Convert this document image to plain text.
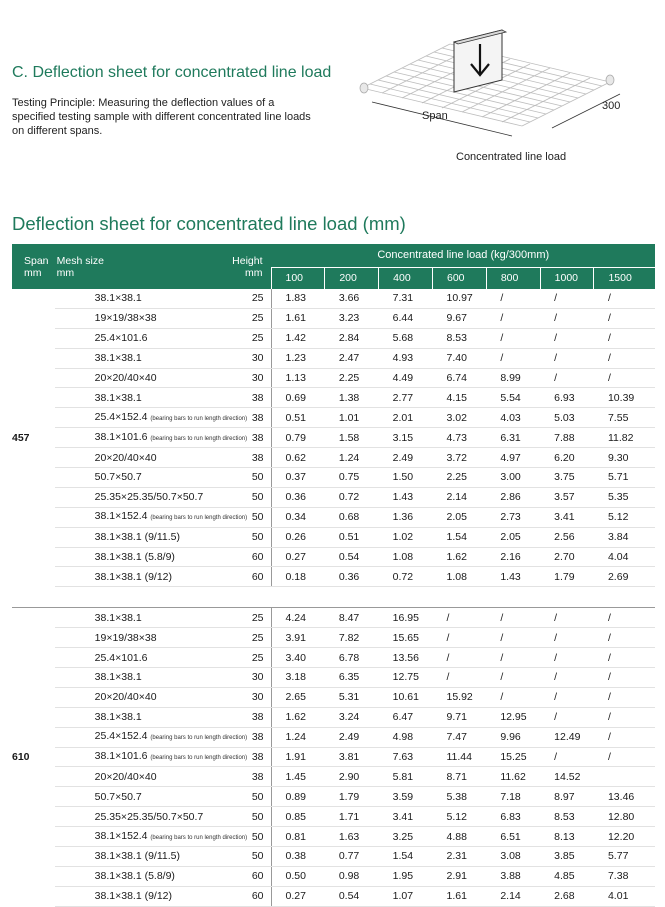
C. Deflection sheet for concentrated line load

Testing Principle: Measuring the deflection values of a specified testing sample with different concentrated line loads on different spans.

Span
300
Concentrated line load
Deflection sheet for concentrated line load (mm)
Span
mm	Mesh size
mm	Height
mm	Concentrated line load (kg/300mm)						
			100	200	400	600	800	1000	1500
457	38.1×38.1	25	1.83	3.66	7.31	10.97	/	/	/
	19×19/38×38	25	1.61	3.23	6.44	9.67	/	/	/
	25.4×101.6	25	1.42	2.84	5.68	8.53	/	/	/
	38.1×38.1	30	1.23	2.47	4.93	7.40	/	/	/
	20×20/40×40	30	1.13	2.25	4.49	6.74	8.99	/	/
	38.1×38.1	38	0.69	1.38	2.77	4.15	5.54	6.93	10.39
	25.4×152.4 (bearing bars to run length direction)	38	0.51	1.01	2.01	3.02	4.03	5.03	7.55
	38.1×101.6 (bearing bars to run length direction)	38	0.79	1.58	3.15	4.73	6.31	7.88	11.82
	20×20/40×40	38	0.62	1.24	2.49	3.72	4.97	6.20	9.30
	50.7×50.7	50	0.37	0.75	1.50	2.25	3.00	3.75	5.71
	25.35×25.35/50.7×50.7	50	0.36	0.72	1.43	2.14	2.86	3.57	5.35
	38.1×152.4 (bearing bars to run length direction)	50	0.34	0.68	1.36	2.05	2.73	3.41	5.12
	38.1×38.1 (9/11.5)	50	0.26	0.51	1.02	1.54	2.05	2.56	3.84
	38.1×38.1 (5.8/9)	60	0.27	0.54	1.08	1.62	2.16	2.70	4.04
	38.1×38.1 (9/12)	60	0.18	0.36	0.72	1.08	1.43	1.79	2.69

610	38.1×38.1	25	4.24	8.47	16.95	/	/	/	/
	19×19/38×38	25	3.91	7.82	15.65	/	/	/	/
	25.4×101.6	25	3.40	6.78	13.56	/	/	/	/
	38.1×38.1	30	3.18	6.35	12.75	/	/	/	/
	20×20/40×40	30	2.65	5.31	10.61	15.92	/	/	/
	38.1×38.1	38	1.62	3.24	6.47	9.71	12.95	/	/
	25.4×152.4 (bearing bars to run length direction)	38	1.24	2.49	4.98	7.47	9.96	12.49	/
	38.1×101.6 (bearing bars to run length direction)	38	1.91	3.81	7.63	11.44	15.25	/	/
	20×20/40×40	38	1.45	2.90	5.81	8.71	11.62	14.52	
	50.7×50.7	50	0.89	1.79	3.59	5.38	7.18	8.97	13.46
	25.35×25.35/50.7×50.7	50	0.85	1.71	3.41	5.12	6.83	8.53	12.80
	38.1×152.4 (bearing bars to run length direction)	50	0.81	1.63	3.25	4.88	6.51	8.13	12.20
	38.1×38.1 (9/11.5)	50	0.38	0.77	1.54	2.31	3.08	3.85	5.77
	38.1×38.1 (5.8/9)	60	0.50	0.98	1.95	2.91	3.88	4.85	7.38
	38.1×38.1 (9/12)	60	0.27	0.54	1.07	1.61	2.14	2.68	4.01
